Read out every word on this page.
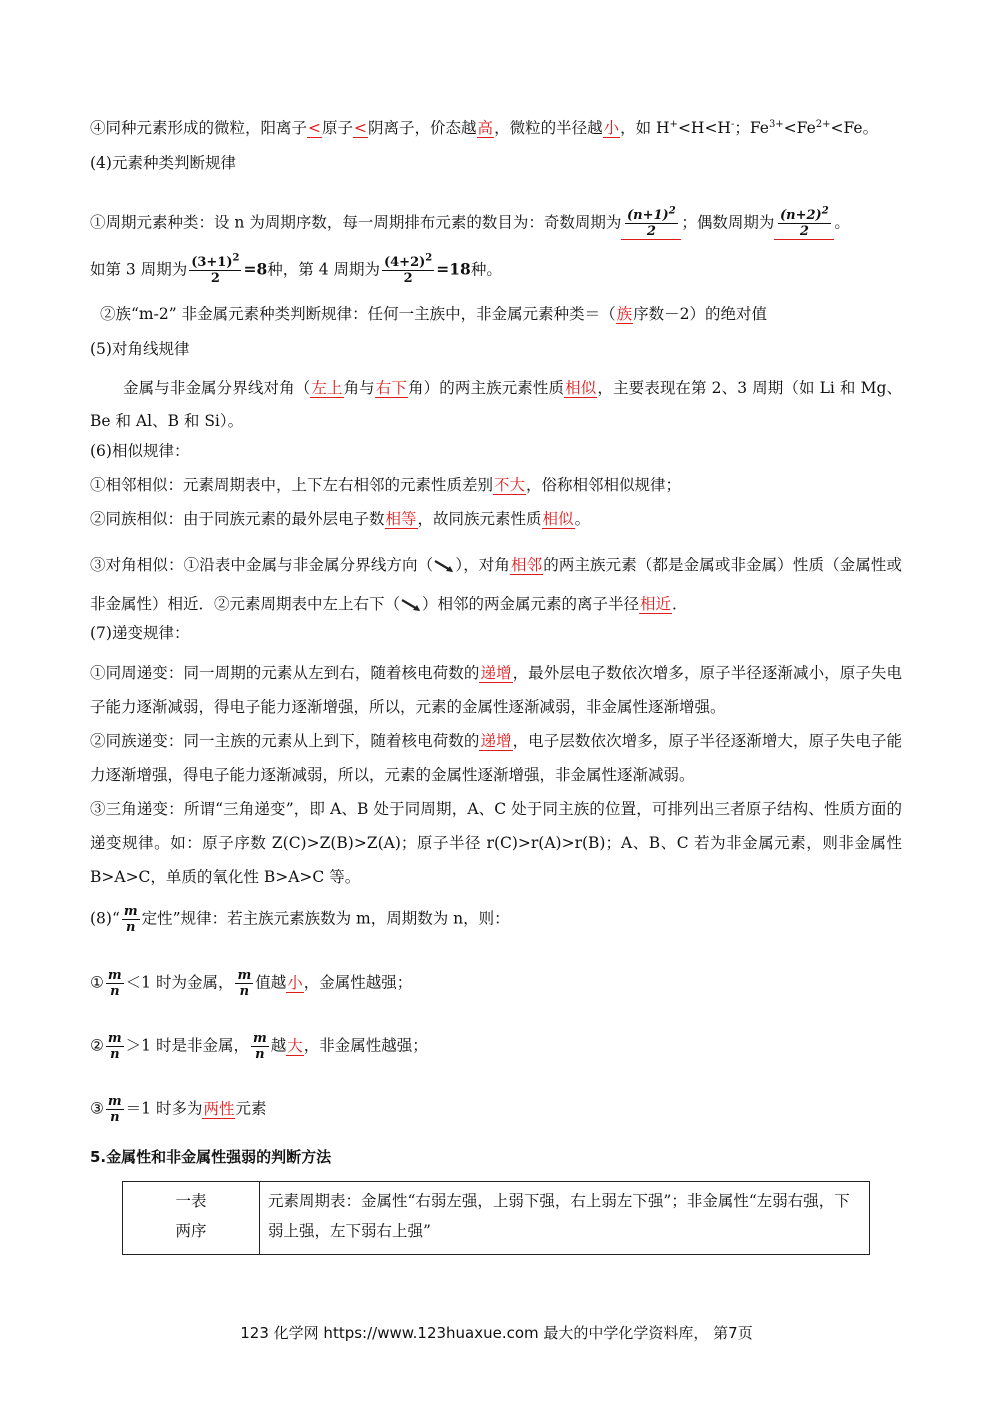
④同种元素形成的微粒，阳离子<原子<阴离子，价态越高，微粒的半径越小，如 H+<H<H-；$Fe^{3+}<Fe^{2+}<Fe$。
(4)元素种类判断规律
①周期元素种类：设 n 为周期序数，每一周期排布元素的数目为：奇数周期为 $\frac{(n+1)^2}{2}$ ；偶数周期为 $\frac{(n+2)^2}{2}$ 。
如第 3 周期为 $\frac{(3+1)^2}{2} =8$种，第 4 周期为 $\frac{(4+2)^2}{2} =18$种。
②族“m-2” 非金属元素种类判断规律：任何一主族中，非金属元素种类＝（族序数－2）的绝对值
(5)对角线规律
金属与非金属分界线对角（左上角与右下角）的两主族元素性质相似，主要表现在第 2、3 周期（如 Li 和 Mg、Be 和 Al、B 和 Si）。
(6)相似规律：
①相邻相似：元素周期表中，上下左右相邻的元素性质差别不大，俗称相邻相似规律；
②同族相似：由于同族元素的最外层电子数相等，故同族元素性质相似。
③对角相似：①沿表中金属与非金属分界线方向（ ），对角相邻的两主族元素（都是金属或非金属）性质（金属性或非金属性）相近．②元素周期表中左上右下（ ）相邻的两金属元素的离子半径相近．
(7)递变规律：
①同周递变：同一周期的元素从左到右，随着核电荷数的递增，最外层电子数依次增多，原子半径逐渐减小，原子失电子能力逐渐减弱，得电子能力逐渐增强，所以，元素的金属性逐渐减弱，非金属性逐渐增强。
②同族递变：同一主族的元素从上到下，随着核电荷数的递增，电子层数依次增多，原子半径逐渐增大，原子失电子能力逐渐增强，得电子能力逐渐减弱，所以，元素的金属性逐渐增强，非金属性逐渐减弱。
③三角递变：所谓“三角递变”，即 A、B 处于同周期，A、C 处于同主族的位置，可排列出三者原子结构、性质方面的递变规律。如：原子序数 Z(C)>Z(B)>Z(A)；原子半径 r(C)>r(A)>r(B)；A、B、C 若为非金属元素，则非金属性 B>A>C，单质的氧化性 B>A>C 等。
(8)“ $\frac{m}{n}$ 定性”规律：若主族元素族数为 m，周期数为 n，则：
① $\frac{m}{n} <1$ 时为金属， $\frac{m}{n}$ 值越小，金属性越强；
② $\frac{m}{n} >1$ 时是非金属， $\frac{m}{n}$ 越大，非金属性越强；
③ $\frac{m}{n} =1$ 时多为两性元素
5.金属性和非金属性强弱的判断方法
一表
两序
	元素周期表：金属性“右弱左强，上弱下强，右上弱左下强”；非金属性“左弱右强，下弱上强，左下弱右上强”
123 化学网 https://www.123huaxue.com 最大的中学化学资料库， 第7页
